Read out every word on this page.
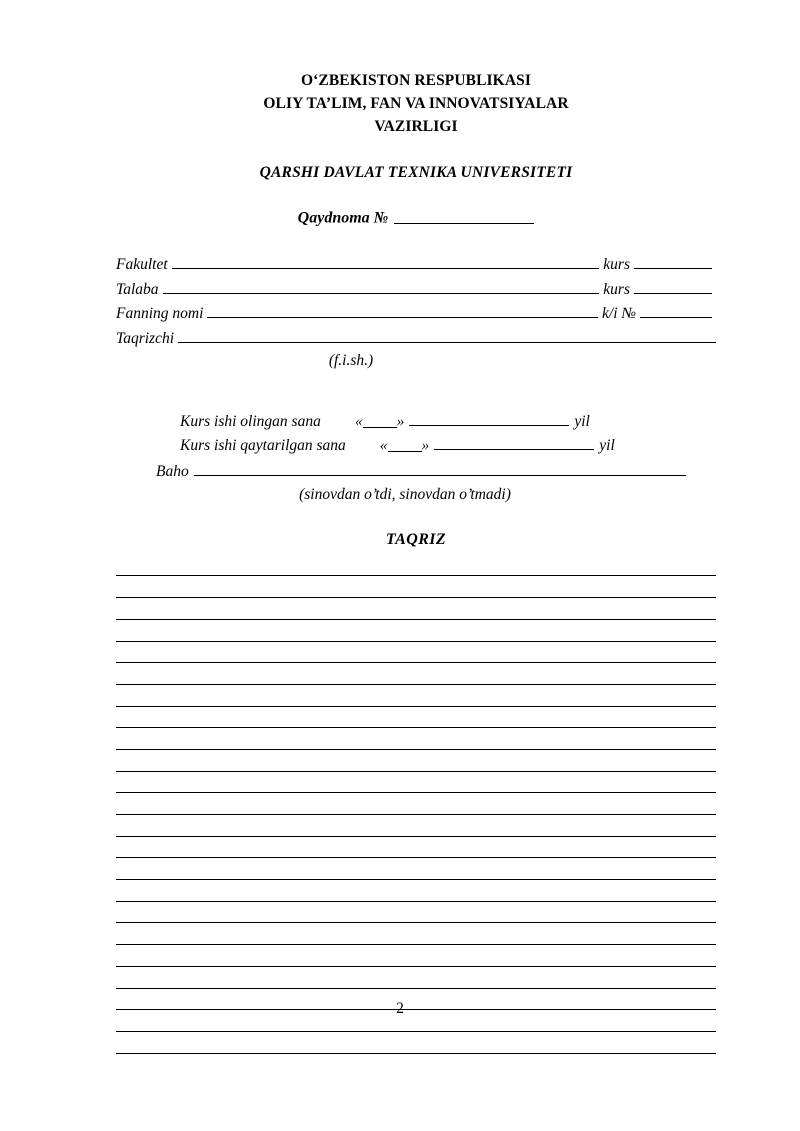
O‘ZBEKISTON RESPUBLIKASI
OLIY TA’LIM, FAN VA INNOVATSIYALAR
VAZIRLIGI
QARSHI DAVLAT TEXNIKA UNIVERSITETI
Qaydnoma №
Fakultet	kurs
Talaba	kurs
Fanning nomi	k/i №
Taqrizchi
(f.i.sh.)
Kurs ishi olingan sana « »	yil
Kurs ishi qaytarilgan sana « »	yil
Baho
(sinovdan o’tdi, sinovdan o’tmadi)
TAQRIZ
2
